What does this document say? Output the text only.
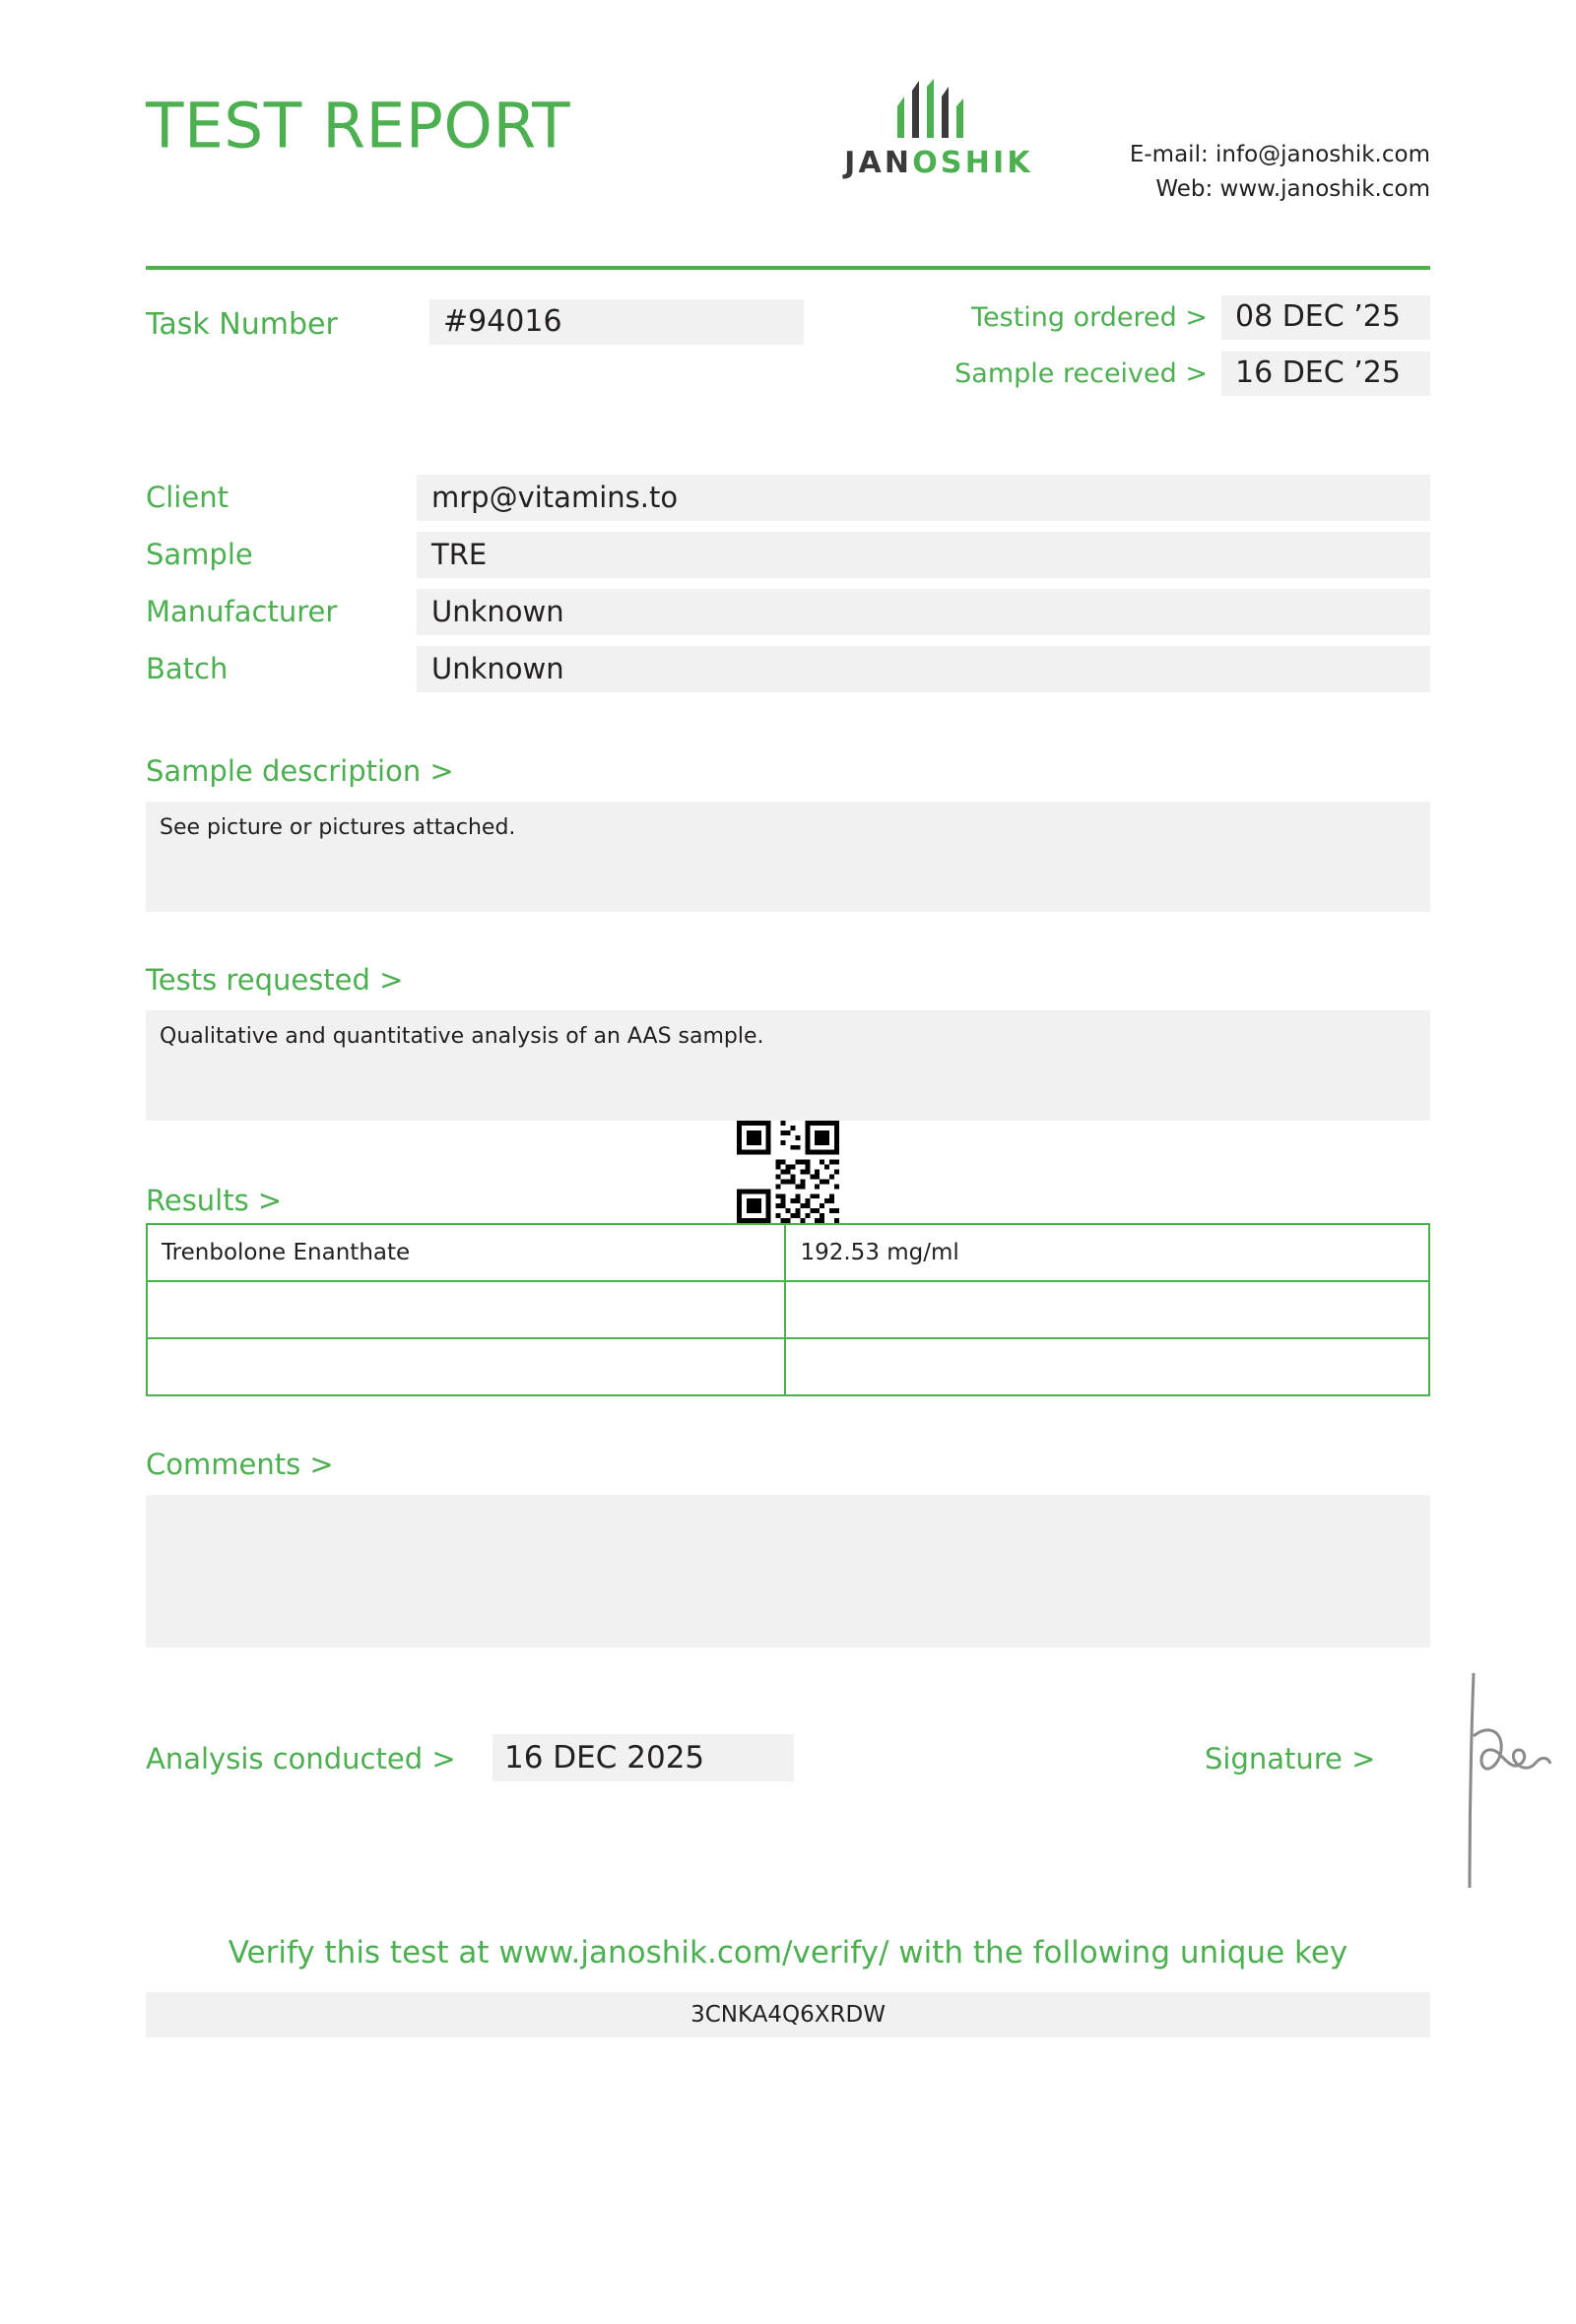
TEST REPORT
JANOSHIK	E-mail: info@janoshik.com
Web: www.janoshik.com
Task Number	#94016	Testing ordered > 08 DEC ’25
Sample received > 16 DEC ’25
Client	mrp@vitamins.to
Sample	TRE
Manufacturer	Unknown
Batch	Unknown
Sample description >
See picture or pictures attached.
Tests requested >
Qualitative and quantitative analysis of an AAS sample.
Results >
Trenbolone Enanthate	192.53 mg/ml

Comments >
Analysis conducted >	16 DEC 2025	Signature >
Verify this test at www.janoshik.com/verify/ with the following unique key
3CNKA4Q6XRDW
